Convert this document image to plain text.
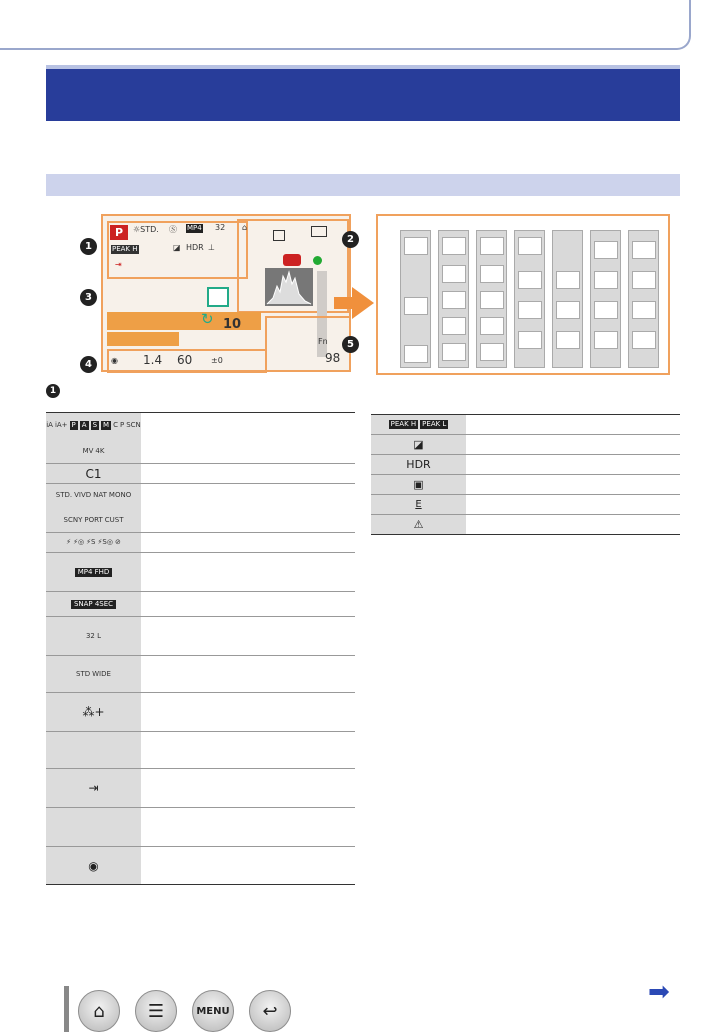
P	☼STD. Ⓢ MP4 32
PEAK H	◪ HDR ⊥
⇥
⌂
↻ 10
◉ 1.4 60 ±0	98
Fn
1
2
3
4
5
1
iA iA+ P A S M C P SCN
MV 4K
C1
STD. VIVD NAT MONO
SCNY PORT CUST
⚡ ⚡◎ ⚡S ⚡S◎ ⊘
MP4 FHD
SNAP 4SEC
32 L
STD WIDE
⁂+
⇥
◉
PEAK H PEAK L
◪
HDR
▣
E
⚠
⌂ ☰	MENU ↩
➡
